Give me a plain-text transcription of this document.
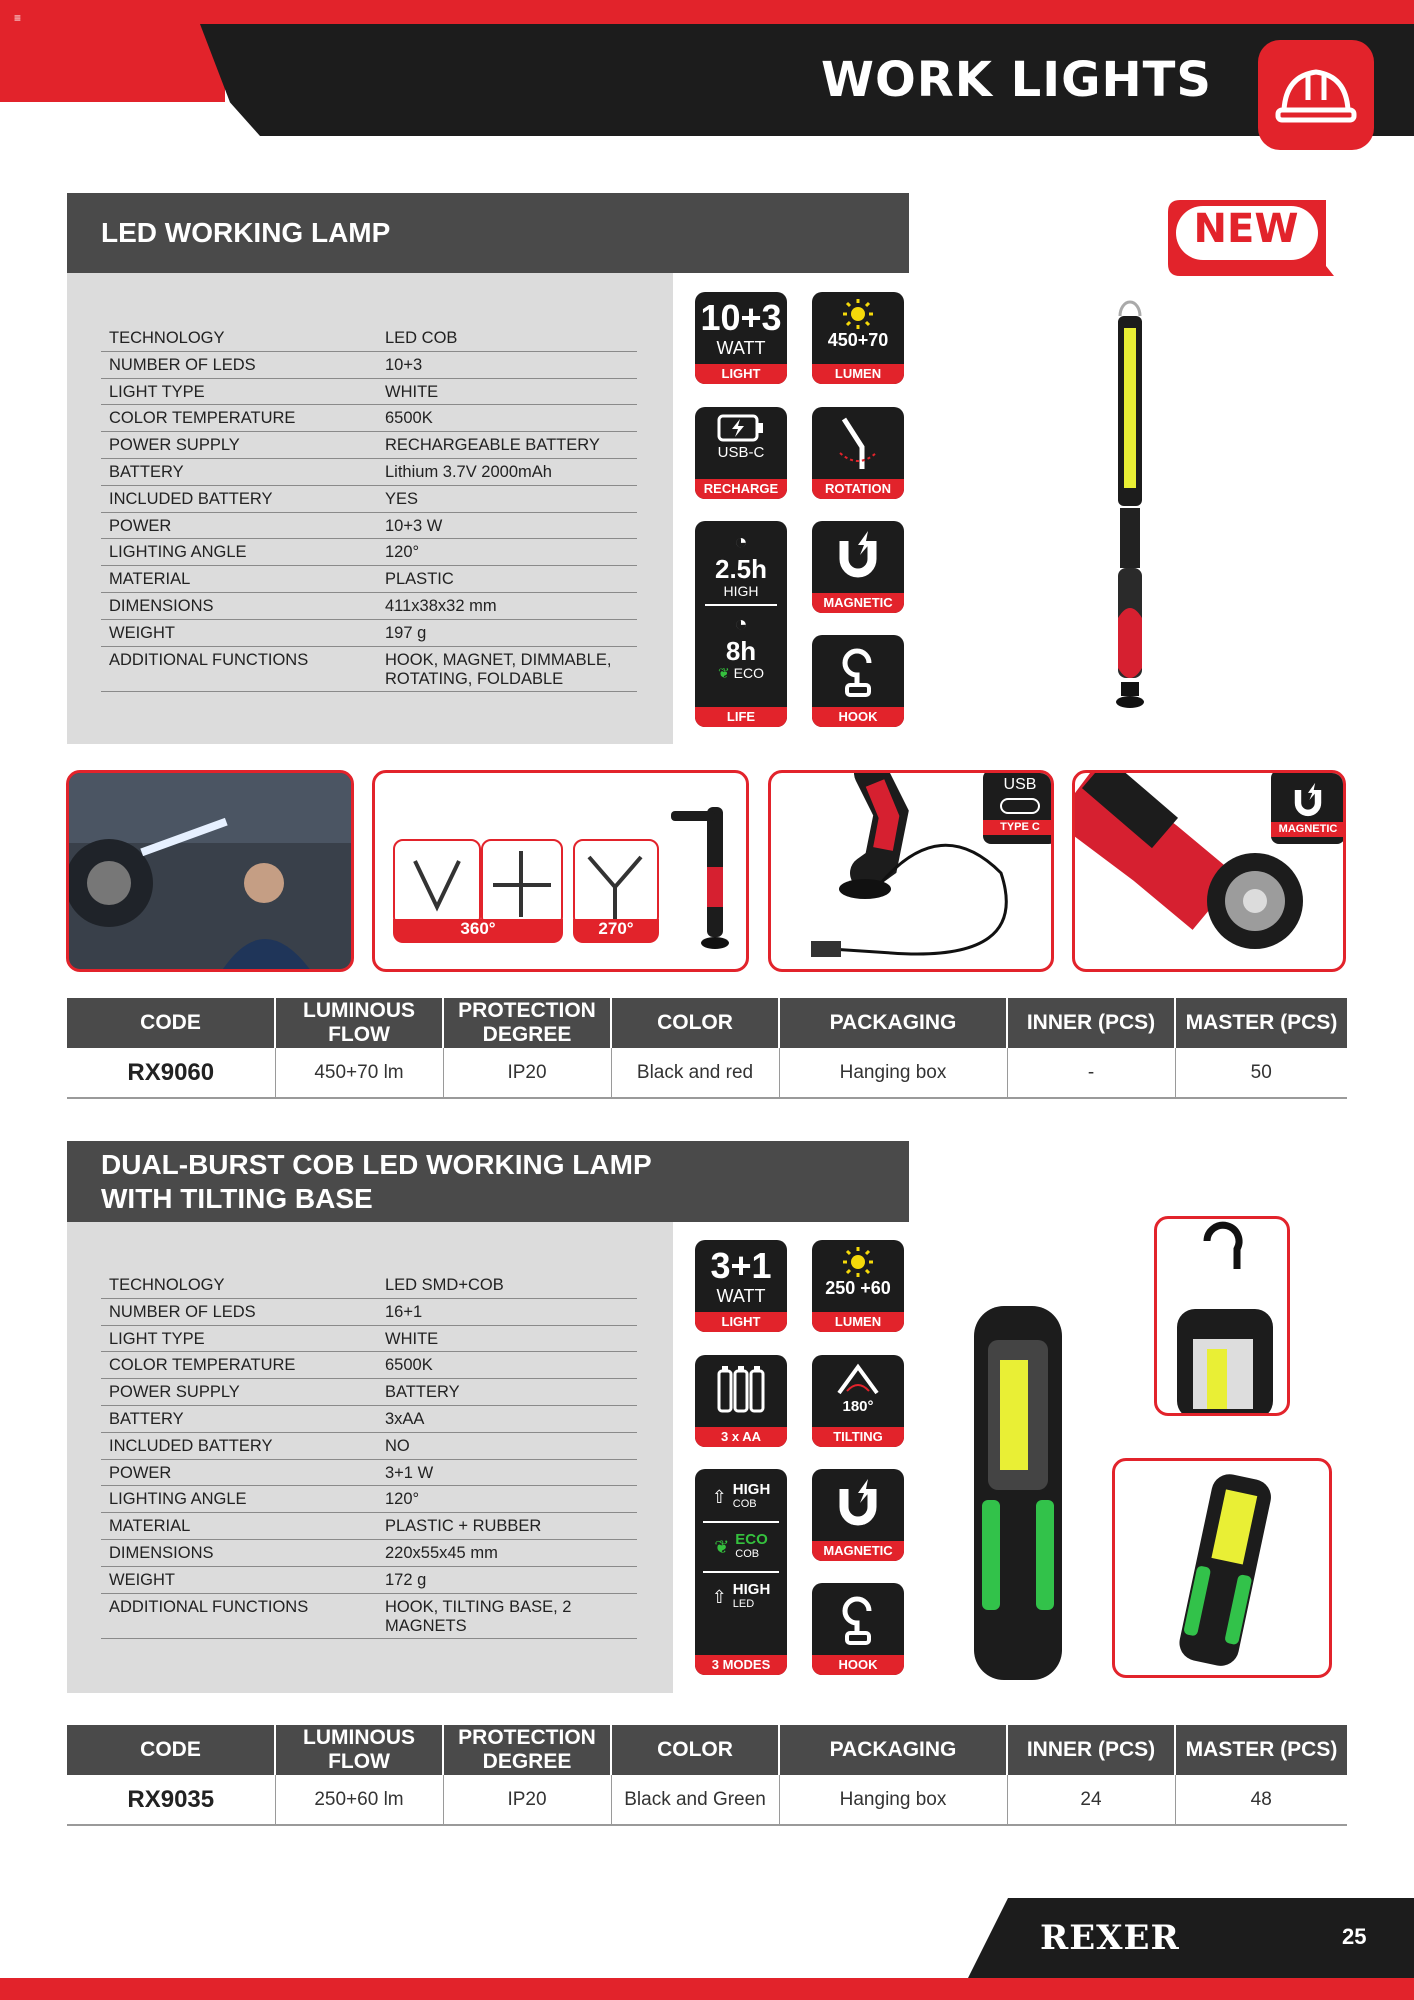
≡
WORK LIGHTS
LED WORKING LAMP	NEW
TECHNOLOGY	LED COB
NUMBER OF LEDS	10+3
LIGHT TYPE	WHITE
COLOR TEMPERATURE	6500K
POWER SUPPLY	RECHARGEABLE BATTERY
BATTERY	Lithium 3.7V 2000mAh
INCLUDED BATTERY	YES
POWER	10+3 W
LIGHTING ANGLE	120°
MATERIAL	PLASTIC
DIMENSIONS	411x38x32 mm
WEIGHT	197 g
ADDITIONAL FUNCTIONS	HOOK, MAGNET, DIMMABLE, ROTATING, FOLDABLE
10+3
WATT
LIGHT
450+70
LUMEN
USB-C
RECHARGE	ROTATION
◔
2.5h
HIGH
◔
8h
❦ ECO
LIFE
MAGNETIC
HOOK
360°	270°
USB
TYPE C	MAGNETIC
CODE	LUMINOUS FLOW	PROTECTION DEGREE	COLOR	PACKAGING	INNER (PCS)	MASTER (PCS)
RX9060	450+70 lm	IP20	Black and red	Hanging box	-	50
DUAL-BURST COB LED WORKING LAMP
WITH TILTING BASE
TECHNOLOGY	LED SMD+COB
NUMBER OF LEDS	16+1
LIGHT TYPE	WHITE
COLOR TEMPERATURE	6500K
POWER SUPPLY	BATTERY
BATTERY	3xAA
INCLUDED BATTERY	NO
POWER	3+1 W
LIGHTING ANGLE	120°
MATERIAL	PLASTIC + RUBBER
DIMENSIONS	220x55x45 mm
WEIGHT	172 g
ADDITIONAL FUNCTIONS	HOOK, TILTING BASE, 2 MAGNETS
3+1
WATT
LIGHT
250 +60
LUMEN
3 x AA
180°
TILTING
⇧ HIGH
COB
❦ ECO
COB
⇧ HIGH
LED
3 MODES
MAGNETIC
HOOK
CODE	LUMINOUS FLOW	PROTECTION DEGREE	COLOR	PACKAGING	INNER (PCS)	MASTER (PCS)
RX9035	250+60 lm	IP20	Black and Green	Hanging box	24	48
REXER	25
